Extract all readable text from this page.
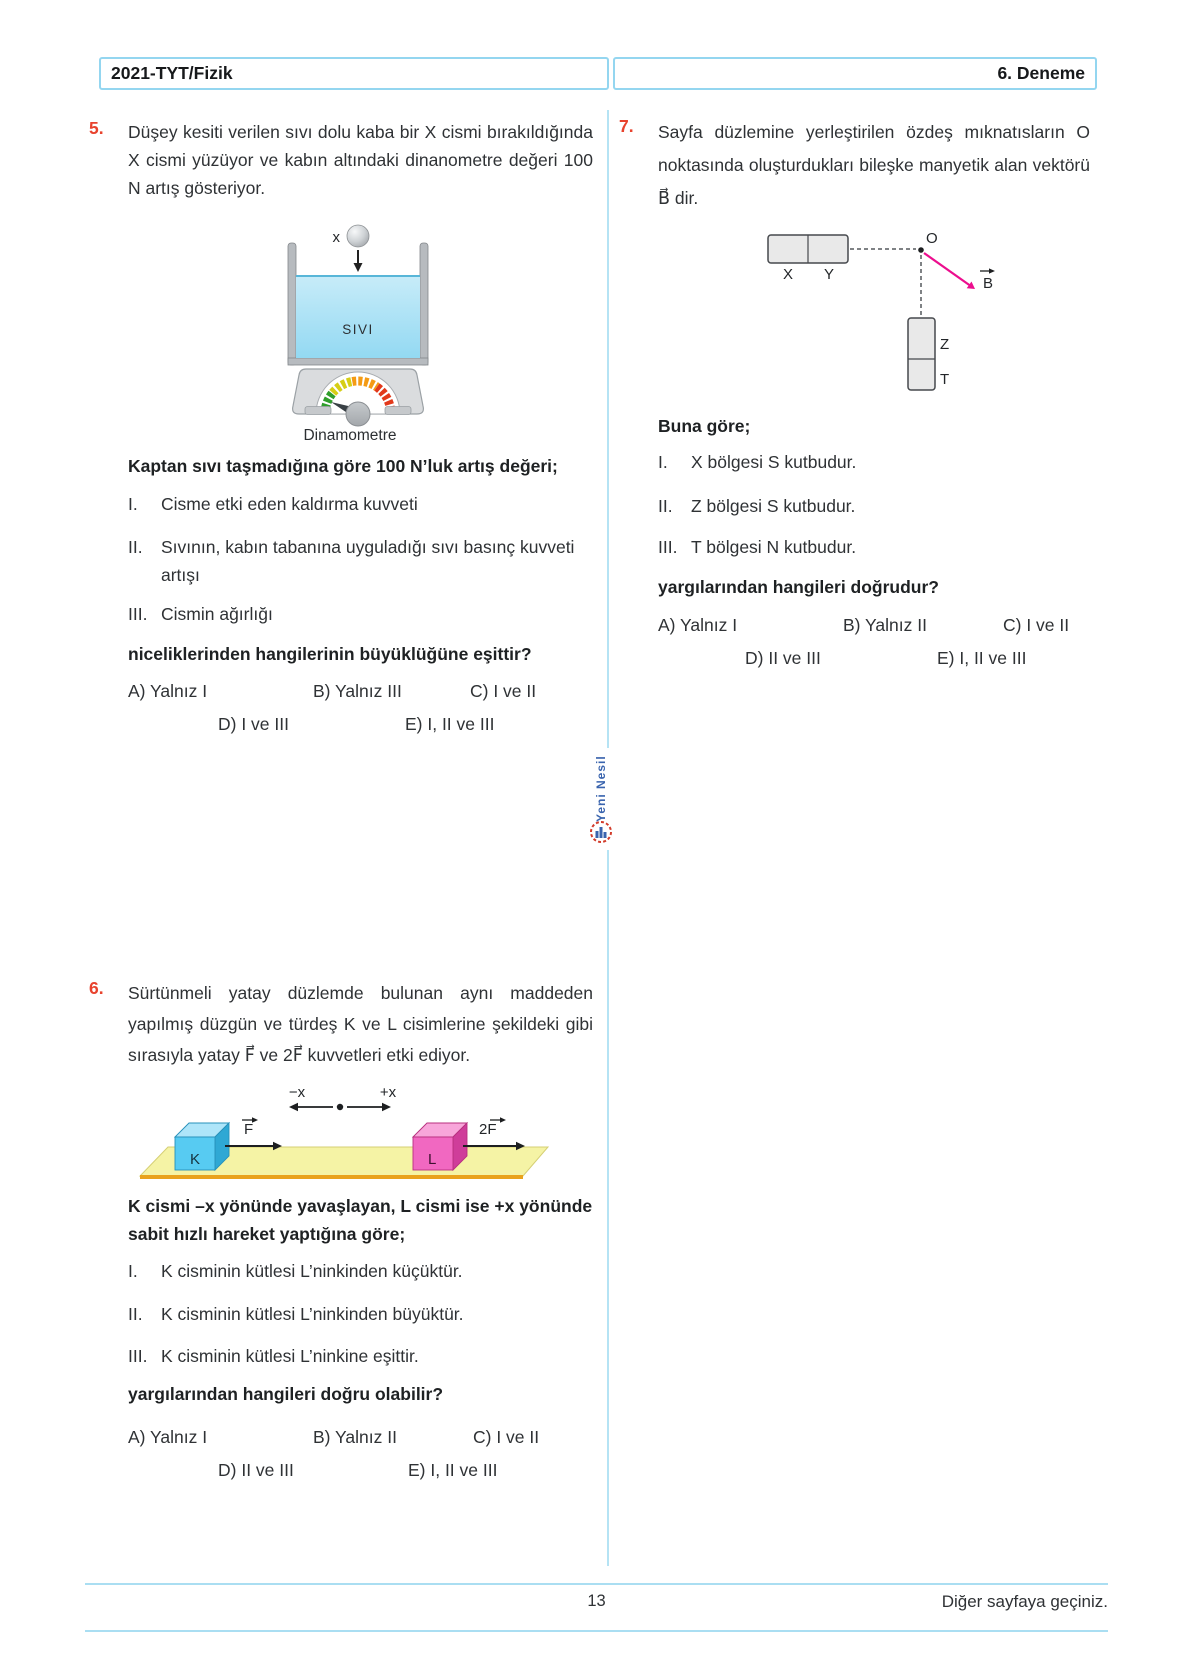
2021-TYT/Fizik	6. Deneme
Yeni Nesil
5.	Düşey kesiti verilen sıvı dolu kaba bir X cismi bırakıldığında X cismi yüzüyor ve kabın altındaki dinanometre değeri 100 N artış gösteriyor.
x
SIVI
Dinamometre
Kaptan sıvı taşmadığına göre 100 N’luk artış değeri;
I.	Cisme etki eden kaldırma kuvveti
II.	Sıvının, kabın tabanına uyguladığı sıvı basınç kuvveti artışı
III. Cismin ağırlığı
niceliklerinden hangilerinin büyüklüğüne eşittir?
A) Yalnız I	B) Yalnız III	C) I ve II
D) I ve III	E) I, II ve III
6.	Sürtünmeli yatay düzlemde bulunan aynı maddeden yapılmış düzgün ve türdeş K ve L cisimlerine şekildeki gibi sırasıyla yatay F⃗ ve 2F⃗ kuvvetleri etki ediyor.
−x	+x
K
F
L
2F
K cismi –x yönünde yavaşlayan, L cismi ise +x yönünde sabit hızlı hareket yaptığına göre;
I.	K cisminin kütlesi L’ninkinden küçüktür.
II.	K cisminin kütlesi L’ninkinden büyüktür.
III. K cisminin kütlesi L’ninkine eşittir.
yargılarından hangileri doğru olabilir?
A) Yalnız I	B) Yalnız II	C) I ve II
D) II ve III	E) I, II ve III
7.	Sayfa düzlemine yerleştirilen özdeş mıknatısların O noktasında oluşturdukları bileşke manyetik alan vektörü B⃗ dir.
X Y
O
B
Z
T
Buna göre;
I.	X bölgesi S kutbudur.
II.	Z bölgesi S kutbudur.
III. T bölgesi N kutbudur.
yargılarından hangileri doğrudur?
A) Yalnız I	B) Yalnız II	C) I ve II
D) II ve III	E) I, II ve III
13	Diğer sayfaya geçiniz.
